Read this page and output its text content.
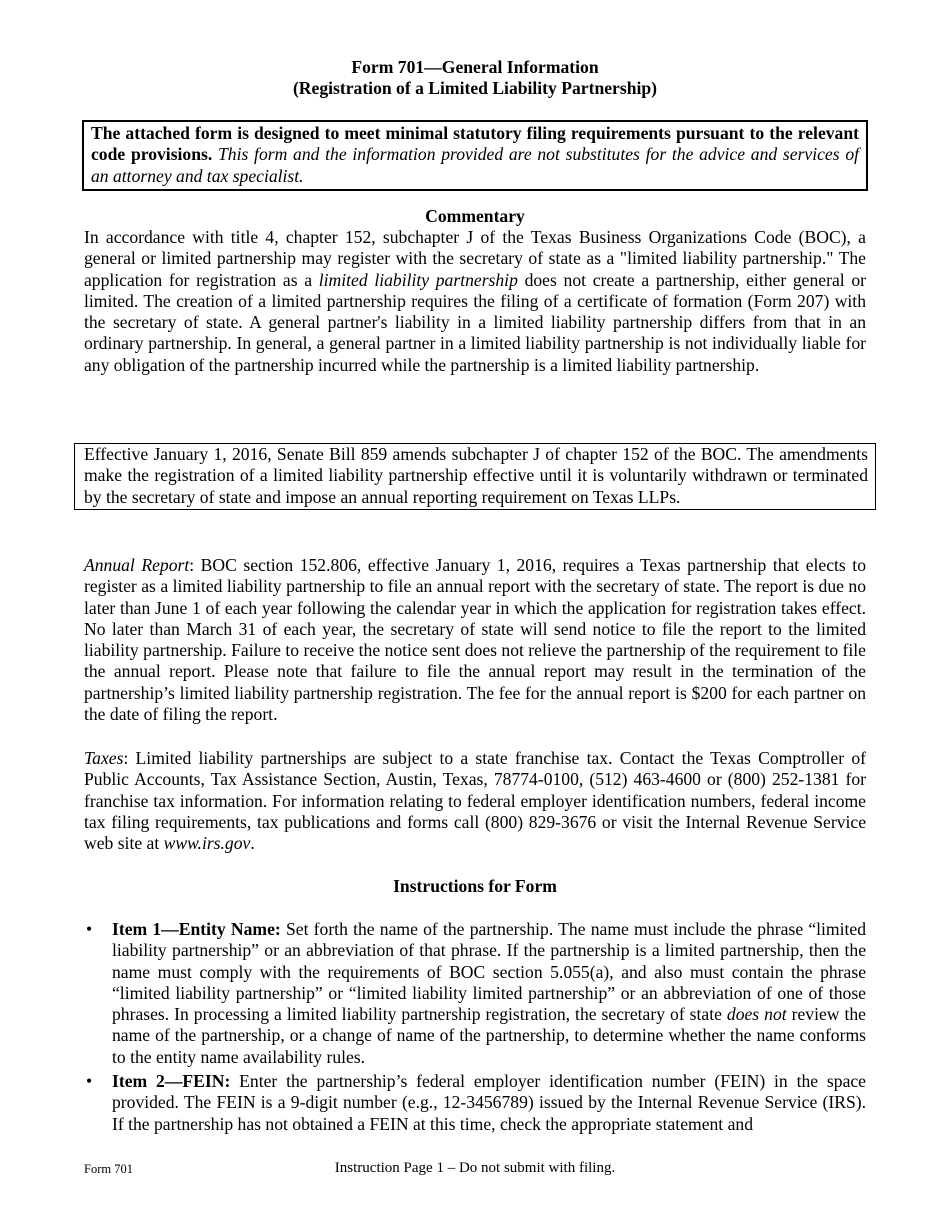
Form 701—General Information
(Registration of a Limited Liability Partnership)
The attached form is designed to meet minimal statutory filing requirements pursuant to the relevant code provisions. This form and the information provided are not substitutes for the advice and services of an attorney and tax specialist.
Commentary
In accordance with title 4, chapter 152, subchapter J of the Texas Business Organizations Code (BOC), a general or limited partnership may register with the secretary of state as a "limited liability partnership." The application for registration as a limited liability partnership does not create a partnership, either general or limited. The creation of a limited partnership requires the filing of a certificate of formation (Form 207) with the secretary of state. A general partner's liability in a limited liability partnership differs from that in an ordinary partnership. In general, a general partner in a limited liability partnership is not individually liable for any obligation of the partnership incurred while the partnership is a limited liability partnership.
Effective January 1, 2016, Senate Bill 859 amends subchapter J of chapter 152 of the BOC. The amendments make the registration of a limited liability partnership effective until it is voluntarily withdrawn or terminated by the secretary of state and impose an annual reporting requirement on Texas LLPs.
Annual Report: BOC section 152.806, effective January 1, 2016, requires a Texas partnership that elects to register as a limited liability partnership to file an annual report with the secretary of state. The report is due no later than June 1 of each year following the calendar year in which the application for registration takes effect. No later than March 31 of each year, the secretary of state will send notice to file the report to the limited liability partnership. Failure to receive the notice sent does not relieve the partnership of the requirement to file the annual report. Please note that failure to file the annual report may result in the termination of the partnership’s limited liability partnership registration. The fee for the annual report is $200 for each partner on the date of filing the report.
Taxes: Limited liability partnerships are subject to a state franchise tax. Contact the Texas Comptroller of Public Accounts, Tax Assistance Section, Austin, Texas, 78774-0100, (512) 463-4600 or (800) 252-1381 for franchise tax information. For information relating to federal employer identification numbers, federal income tax filing requirements, tax publications and forms call (800) 829-3676 or visit the Internal Revenue Service web site at www.irs.gov.
Instructions for Form
•	Item 1—Entity Name: Set forth the name of the partnership. The name must include the phrase “limited liability partnership” or an abbreviation of that phrase. If the partnership is a limited partnership, then the name must comply with the requirements of BOC section 5.055(a), and also must contain the phrase “limited liability partnership” or “limited liability limited partnership” or an abbreviation of one of those phrases. In processing a limited liability partnership registration, the secretary of state does not review the name of the partnership, or a change of name of the partnership, to determine whether the name conforms to the entity name availability rules.
•	Item 2—FEIN: Enter the partnership’s federal employer identification number (FEIN) in the space provided. The FEIN is a 9-digit number (e.g., 12-3456789) issued by the Internal Revenue Service (IRS). If the partnership has not obtained a FEIN at this time, check the appropriate statement and
Form 701	Instruction Page 1 – Do not submit with filing.
